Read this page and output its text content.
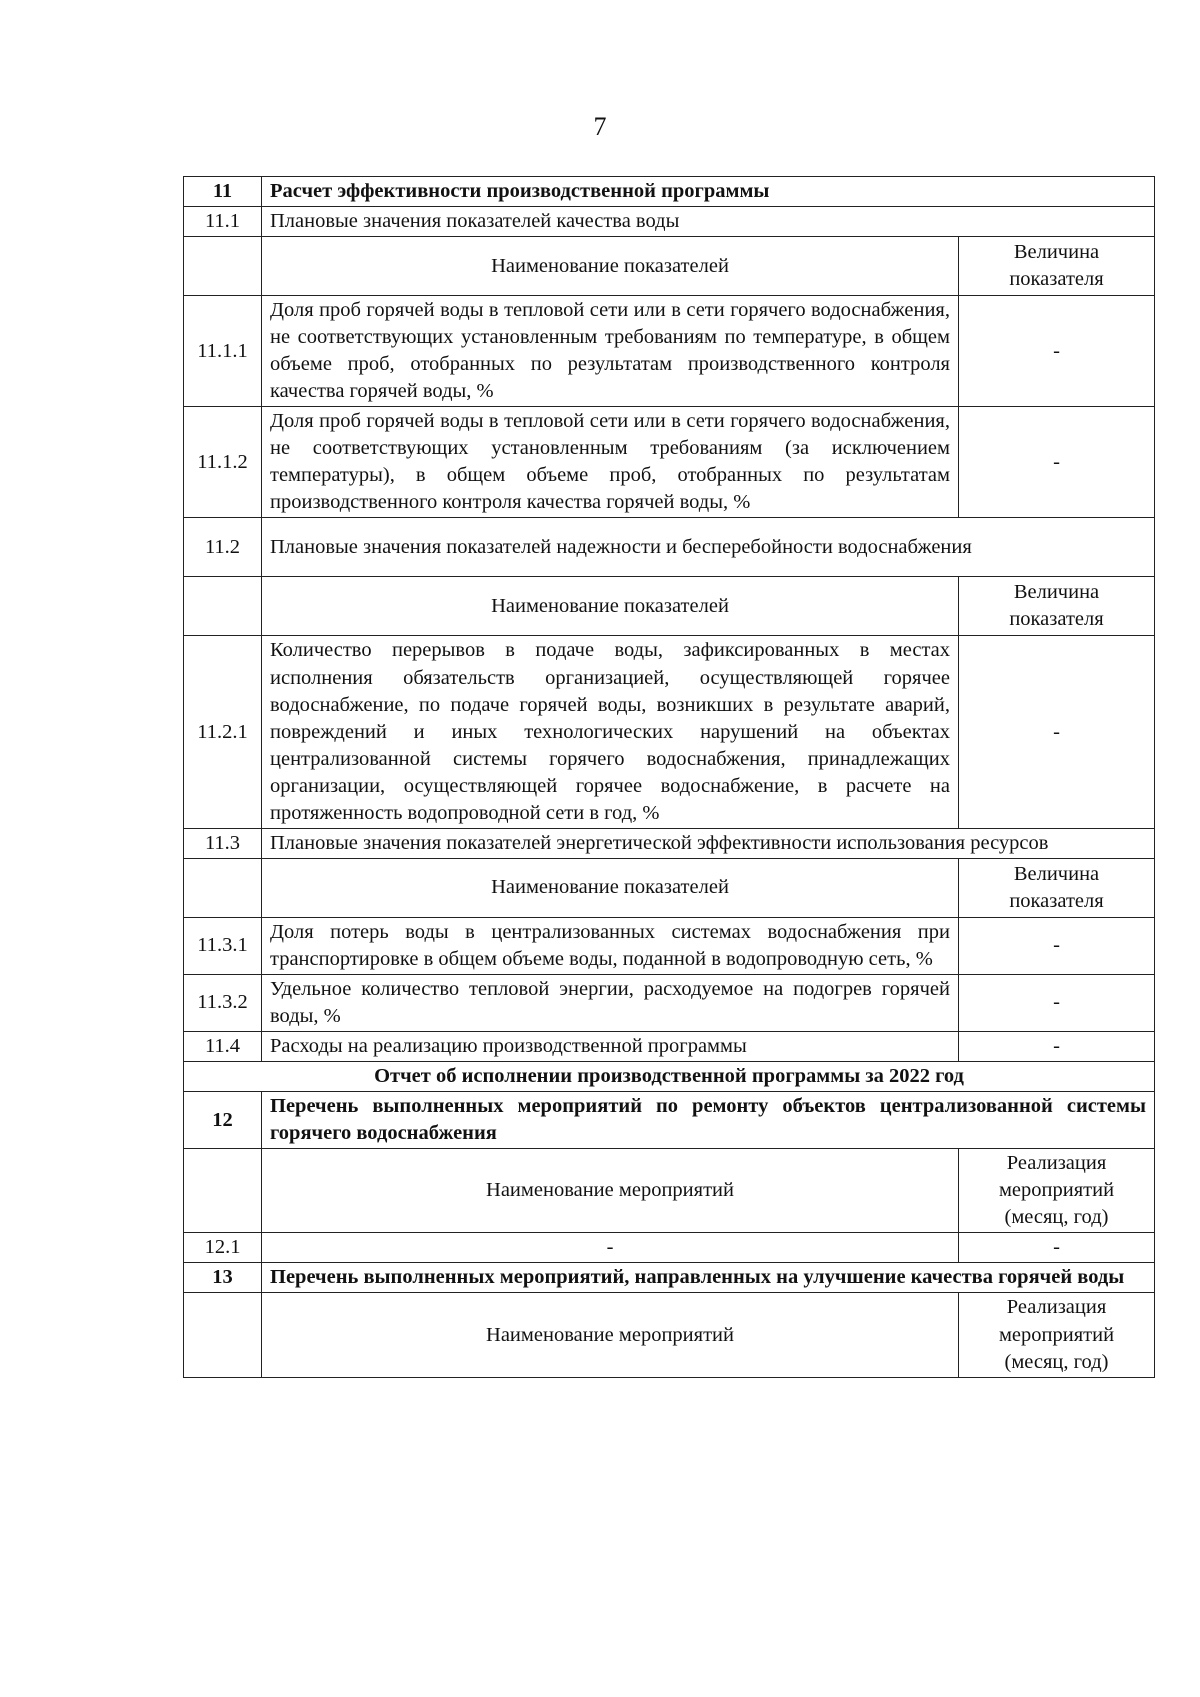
7
11	Расчет эффективности производственной программы	
11.1	Плановые значения показателей качества воды	
	Наименование показателей	Величина показателя
11.1.1	Доля проб горячей воды в тепловой сети или в сети горячего водоснабжения, не соответствующих установленным требованиям по температуре, в общем объеме проб, отобранных по результатам производственного контроля качества горячей воды, %	-
11.1.2	Доля проб горячей воды в тепловой сети или в сети горячего водоснабжения, не соответствующих установленным требованиям (за исключением температуры), в общем объеме проб, отобранных по результатам производственного контроля качества горячей воды, %	-
11.2	Плановые значения показателей надежности и бесперебойности водоснабжения	
	Наименование показателей	Величина показателя
11.2.1	Количество перерывов в подаче воды, зафиксированных в местах исполнения обязательств организацией, осуществляющей горячее водоснабжение, по подаче горячей воды, возникших в результате аварий, повреждений и иных технологических нарушений на объектах централизованной системы горячего водоснабжения, принадлежащих организации, осуществляющей горячее водоснабжение, в расчете на протяженность водопроводной сети в год, %	-
11.3	Плановые значения показателей энергетической эффективности использования ресурсов	
	Наименование показателей	Величина показателя
11.3.1	Доля потерь воды в централизованных системах водоснабжения при транспортировке в общем объеме воды, поданной в водопроводную сеть, %	-
11.3.2	Удельное количество тепловой энергии, расходуемое на подогрев горячей воды, %	-
11.4	Расходы на реализацию производственной программы	-
Отчет об исполнении производственной программы за 2022 год		
12	Перечень выполненных мероприятий по ремонту объектов централизованной системы горячего водоснабжения	
	Наименование мероприятий	Реализация мероприятий (месяц, год)
12.1	-	-
13	Перечень выполненных мероприятий, направленных на улучшение качества горячей воды	
	Наименование мероприятий	Реализация мероприятий (месяц, год)
